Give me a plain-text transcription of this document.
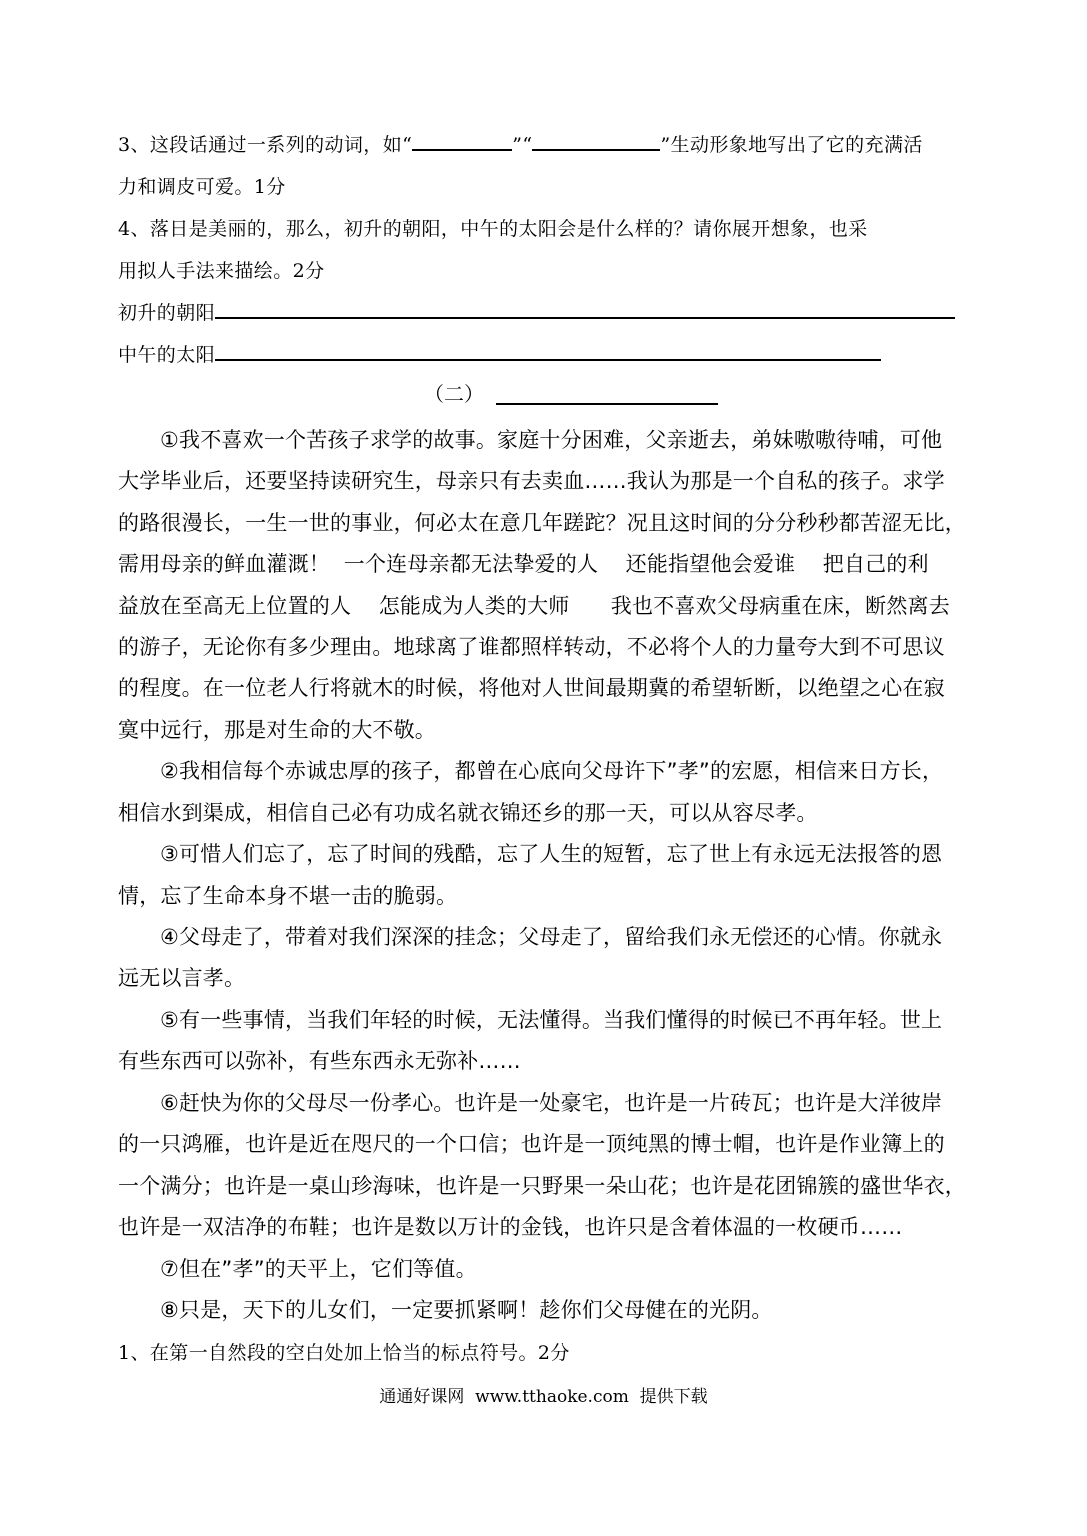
3、这段话通过一系列的动词，如“	”“	”生动形象地写出了它的充满活
力和调皮可爱。1分
4、落日是美丽的，那么，初升的朝阳，中午的太阳会是什么样的？请你展开想象，也采
用拟人手法来描绘。2分
初升的朝阳
中午的太阳
（二）
①我不喜欢一个苦孩子求学的故事。家庭十分困难，父亲逝去，弟妹嗷嗷待哺，可他
大学毕业后，还要坚持读研究生，母亲只有去卖血……我认为那是一个自私的孩子。求学
的路很漫长，一生一世的事业，何必太在意几年蹉跎？况且这时间的分分秒秒都苦涩无比，
需用母亲的鲜血灌溉！  一个连母亲都无法挚爱的人    还能指望他会爱谁    把自己的利
益放在至高无上位置的人    怎能成为人类的大师      我也不喜欢父母病重在床，断然离去
的游子，无论你有多少理由。地球离了谁都照样转动，不必将个人的力量夸大到不可思议
的程度。在一位老人行将就木的时候，将他对人世间最期冀的希望斩断，以绝望之心在寂
寞中远行，那是对生命的大不敬。
②我相信每个赤诚忠厚的孩子，都曾在心底向父母许下”孝”的宏愿，相信来日方长，
相信水到渠成，相信自己必有功成名就衣锦还乡的那一天，可以从容尽孝。
③可惜人们忘了，忘了时间的残酷，忘了人生的短暂，忘了世上有永远无法报答的恩
情，忘了生命本身不堪一击的脆弱。
④父母走了，带着对我们深深的挂念；父母走了，留给我们永无偿还的心情。你就永
远无以言孝。
⑤有一些事情，当我们年轻的时候，无法懂得。当我们懂得的时候已不再年轻。世上
有些东西可以弥补，有些东西永无弥补……
⑥赶快为你的父母尽一份孝心。也许是一处豪宅，也许是一片砖瓦；也许是大洋彼岸
的一只鸿雁，也许是近在咫尺的一个口信；也许是一顶纯黑的博士帽，也许是作业簿上的
一个满分；也许是一桌山珍海味，也许是一只野果一朵山花；也许是花团锦簇的盛世华衣，
也许是一双洁净的布鞋；也许是数以万计的金钱，也许只是含着体温的一枚硬币……
⑦但在”孝”的天平上，它们等值。
⑧只是，天下的儿女们，一定要抓紧啊！趁你们父母健在的光阴。
1、在第一自然段的空白处加上恰当的标点符号。2分
通通好课网  www.tthaoke.com  提供下载
